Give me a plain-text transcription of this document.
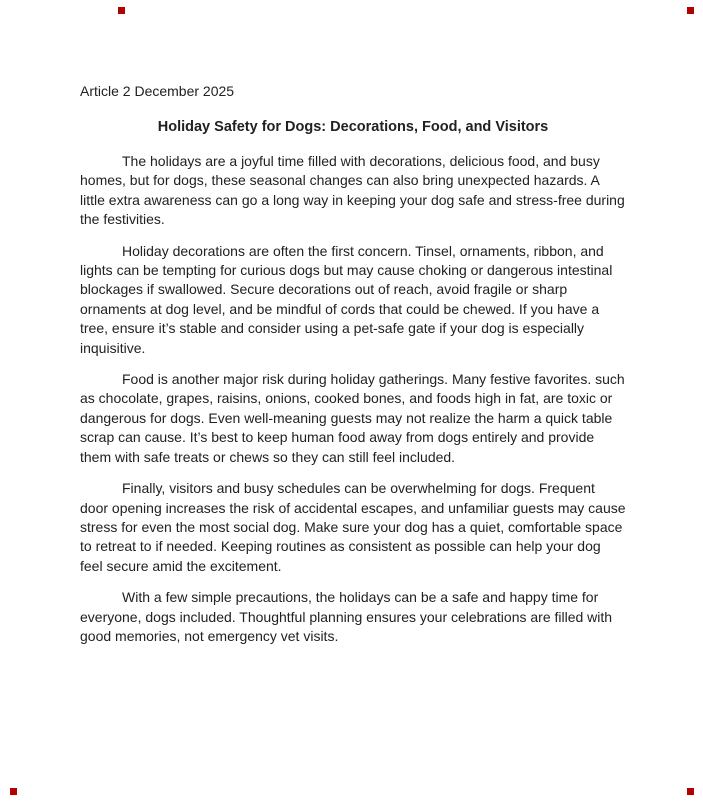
Article 2 December 2025

Holiday Safety for Dogs: Decorations, Food, and Visitors

The holidays are a joyful time filled with decorations, delicious food, and busy homes, but for dogs, these seasonal changes can also bring unexpected hazards. A little extra awareness can go a long way in keeping your dog safe and stress-free during the festivities.

Holiday decorations are often the first concern. Tinsel, ornaments, ribbon, and lights can be tempting for curious dogs but may cause choking or dangerous intestinal blockages if swallowed. Secure decorations out of reach, avoid fragile or sharp ornaments at dog level, and be mindful of cords that could be chewed. If you have a tree, ensure it’s stable and consider using a pet-safe gate if your dog is especially inquisitive.

Food is another major risk during holiday gatherings. Many festive favorites. such as chocolate, grapes, raisins, onions, cooked bones, and foods high in fat, are toxic or dangerous for dogs. Even well-meaning guests may not realize the harm a quick table scrap can cause. It’s best to keep human food away from dogs entirely and provide them with safe treats or chews so they can still feel included.

Finally, visitors and busy schedules can be overwhelming for dogs. Frequent door opening increases the risk of accidental escapes, and unfamiliar guests may cause stress for even the most social dog. Make sure your dog has a quiet, comfortable space to retreat to if needed. Keeping routines as consistent as possible can help your dog feel secure amid the excitement.

With a few simple precautions, the holidays can be a safe and happy time for everyone, dogs included. Thoughtful planning ensures your celebrations are filled with good memories, not emergency vet visits.
